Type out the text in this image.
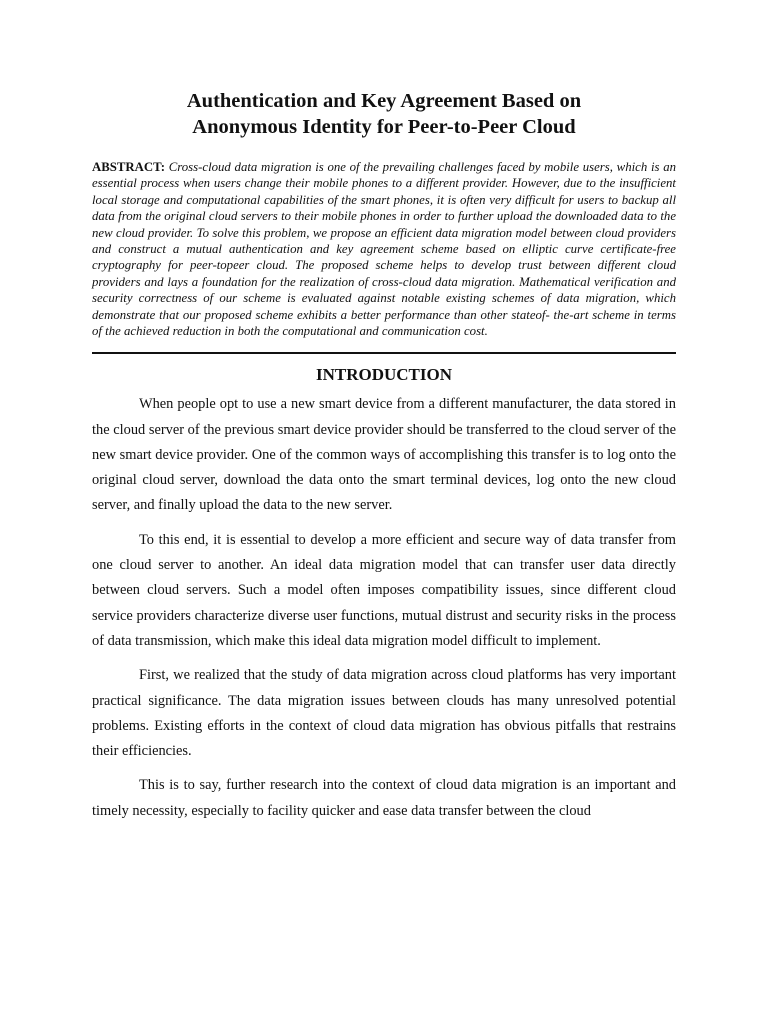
Authentication and Key Agreement Based on
Anonymous Identity for Peer-to-Peer Cloud

ABSTRACT: Cross-cloud data migration is one of the prevailing challenges faced by mobile users, which is an essential process when users change their mobile phones to a different provider. However, due to the insufficient local storage and computational capabilities of the smart phones, it is often very difficult for users to backup all data from the original cloud servers to their mobile phones in order to further upload the downloaded data to the new cloud provider. To solve this problem, we propose an efficient data migration model between cloud providers and construct a mutual authentication and key agreement scheme based on elliptic curve certificate-free cryptography for peer-topeer cloud. The proposed scheme helps to develop trust between different cloud providers and lays a foundation for the realization of cross-cloud data migration. Mathematical verification and security correctness of our scheme is evaluated against notable existing schemes of data migration, which demonstrate that our proposed scheme exhibits a better performance than other stateof- the-art scheme in terms of the achieved reduction in both the computational and communication cost.

INTRODUCTION

When people opt to use a new smart device from a different manufacturer, the data stored in the cloud server of the previous smart device provider should be transferred to the cloud server of the new smart device provider. One of the common ways of accomplishing this transfer is to log onto the original cloud server, download the data onto the smart terminal devices, log onto the new cloud server, and finally upload the data to the new server.

To this end, it is essential to develop a more efficient and secure way of data transfer from one cloud server to another. An ideal data migration model that can transfer user data directly between cloud servers. Such a model often imposes compatibility issues, since different cloud service providers characterize diverse user functions, mutual distrust and security risks in the process of data transmission, which make this ideal data migration model difficult to implement.

First, we realized that the study of data migration across cloud platforms has very important practical significance. The data migration issues between clouds has many unresolved potential problems. Existing efforts in the context of cloud data migration has obvious pitfalls that restrains their efficiencies.

This is to say, further research into the context of cloud data migration is an important and timely necessity, especially to facility quicker and ease data transfer between the cloud
